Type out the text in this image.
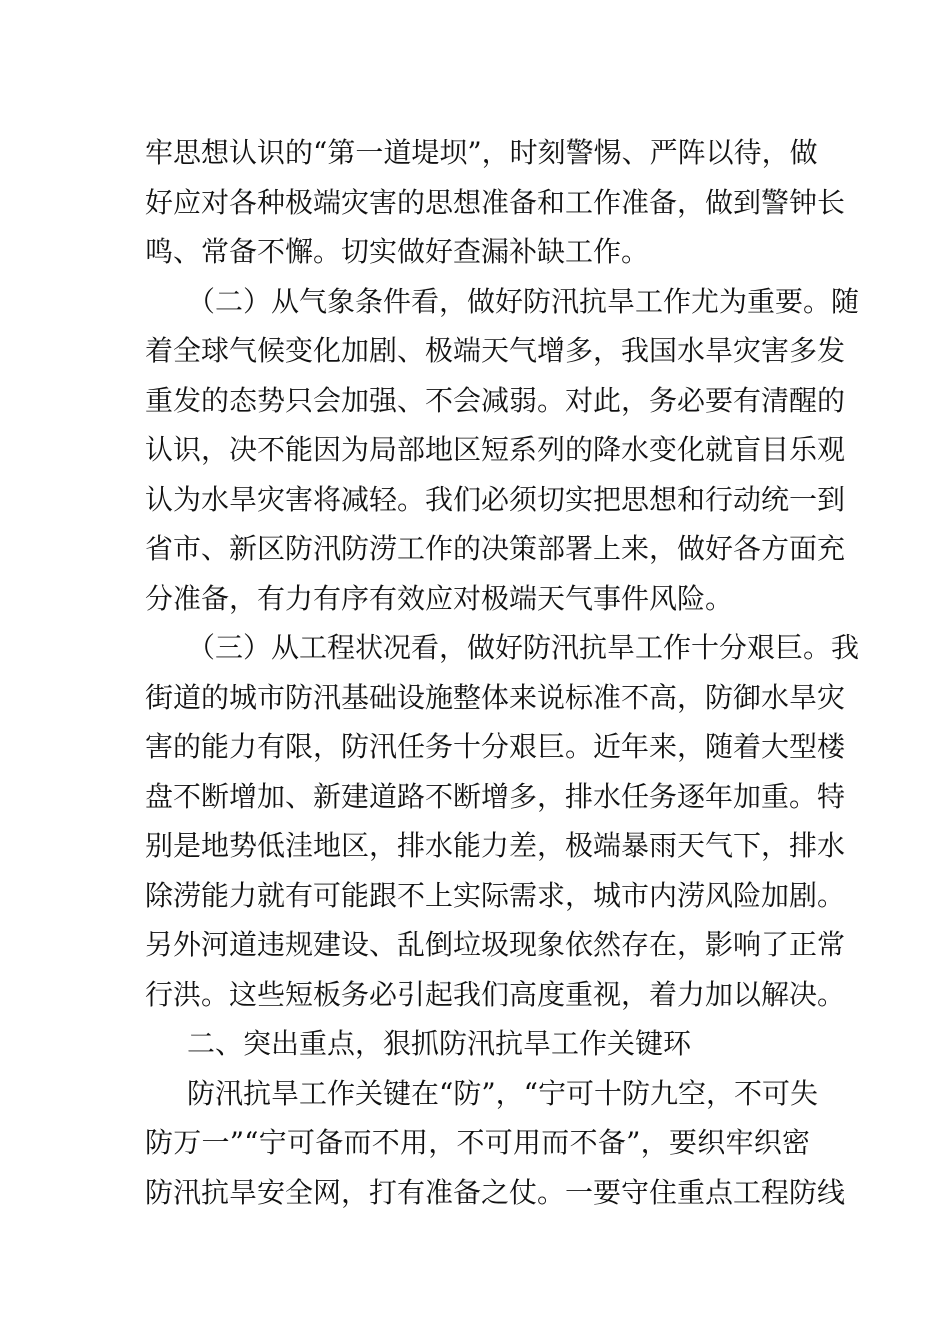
牢思想认识的“第一道堤坝”，时刻警惕、严阵以待，做
好应对各种极端灾害的思想准备和工作准备，做到警钟长
鸣、常备不懈。切实做好查漏补缺工作。
（二）从气象条件看，做好防汛抗旱工作尤为重要。随
着全球气候变化加剧、极端天气增多，我国水旱灾害多发
重发的态势只会加强、不会减弱。对此，务必要有清醒的
认识，决不能因为局部地区短系列的降水变化就盲目乐观
认为水旱灾害将减轻。我们必须切实把思想和行动统一到
省市、新区防汛防涝工作的决策部署上来，做好各方面充
分准备，有力有序有效应对极端天气事件风险。
（三）从工程状况看，做好防汛抗旱工作十分艰巨。我
街道的城市防汛基础设施整体来说标准不高，防御水旱灾
害的能力有限，防汛任务十分艰巨。近年来，随着大型楼
盘不断增加、新建道路不断增多，排水任务逐年加重。特
别是地势低洼地区，排水能力差，极端暴雨天气下，排水
除涝能力就有可能跟不上实际需求，城市内涝风险加剧。
另外河道违规建设、乱倒垃圾现象依然存在，影响了正常
行洪。这些短板务必引起我们高度重视，着力加以解决。
二、突出重点，狠抓防汛抗旱工作关键环
防汛抗旱工作关键在“防”，“宁可十防九空，不可失
防万一”“宁可备而不用，不可用而不备”，要织牢织密
防汛抗旱安全网，打有准备之仗。一要守住重点工程防线
